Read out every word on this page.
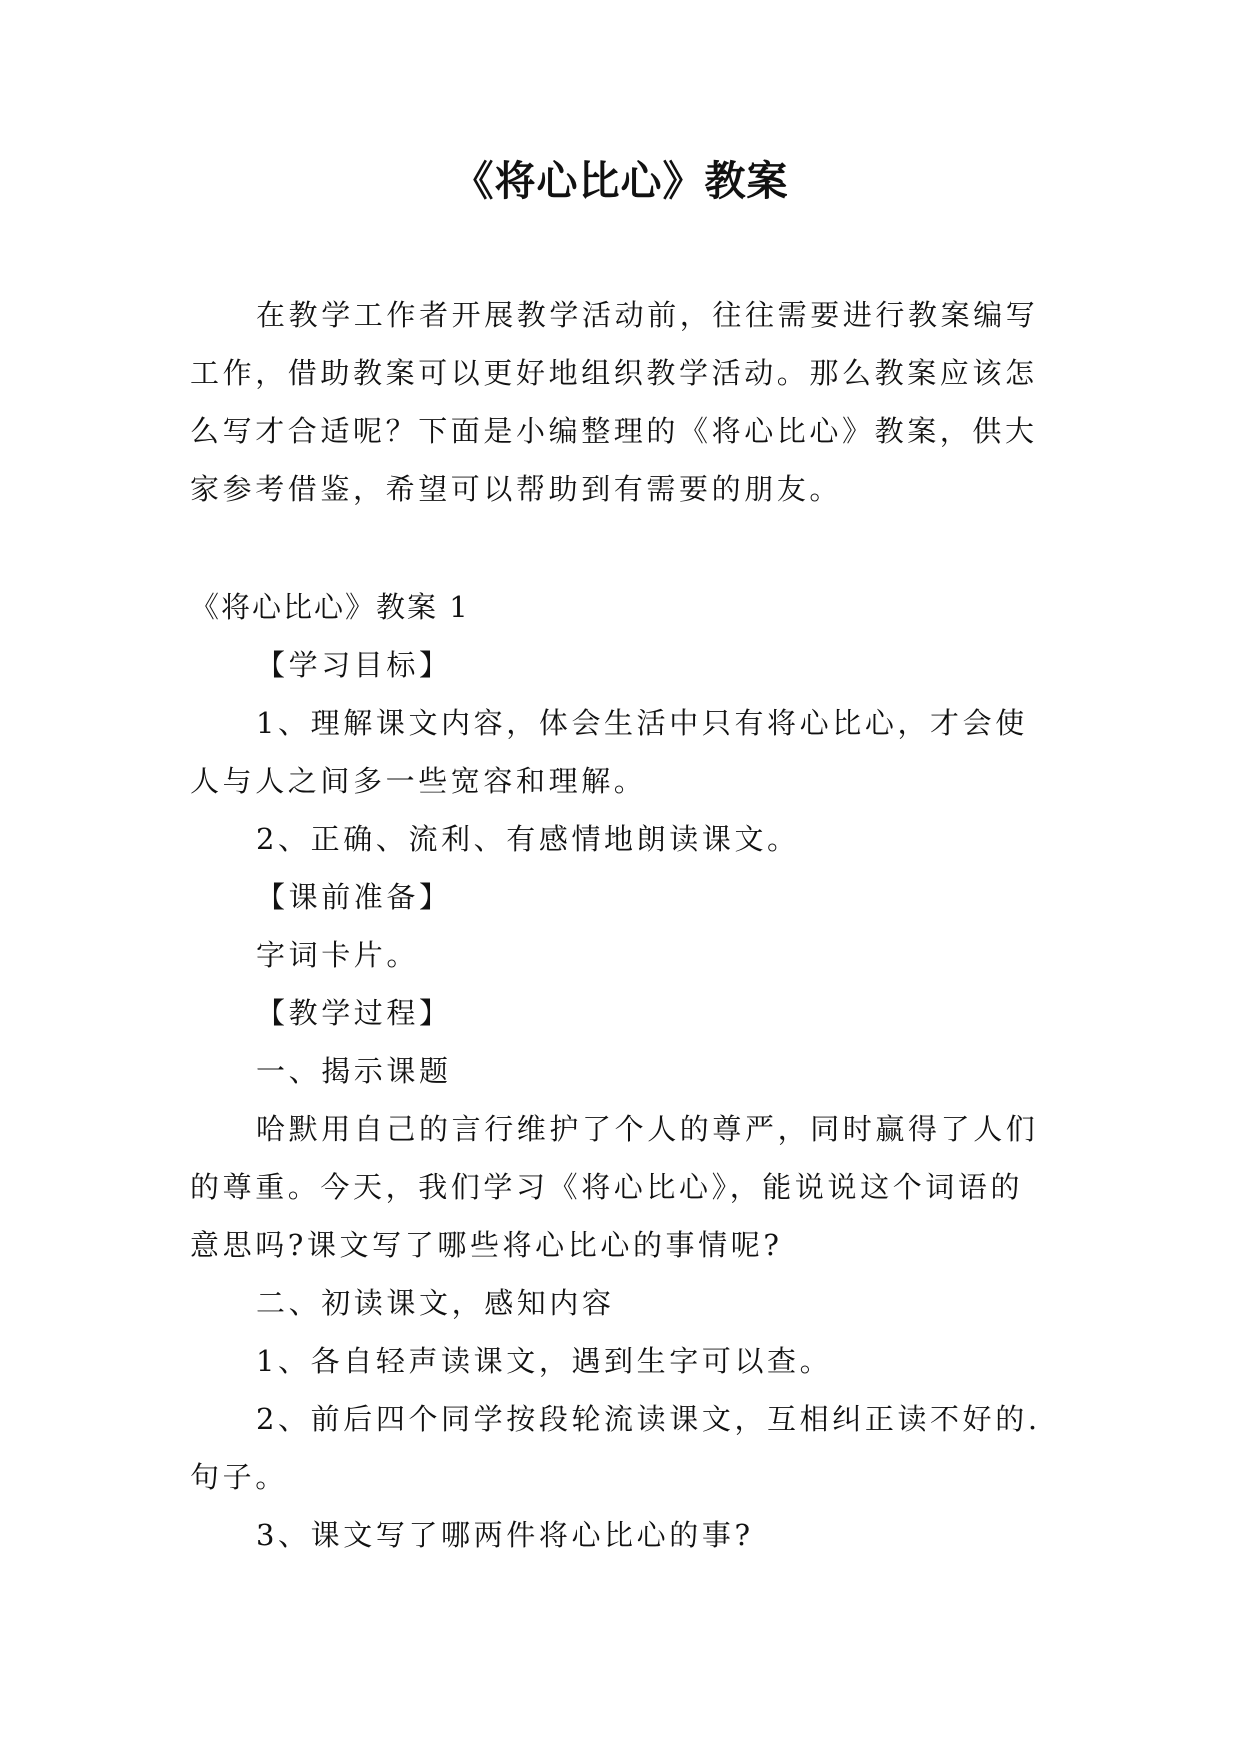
《将心比心》教案

在教学工作者开展教学活动前，往往需要进行教案编写工作，借助教案可以更好地组织教学活动。那么教案应该怎么写才合适呢？下面是小编整理的《将心比心》教案，供大家参考借鉴，希望可以帮助到有需要的朋友。

《将心比心》教案 1
【学习目标】

1、理解课文内容，体会生活中只有将心比心，才会使人与人之间多一些宽容和理解。

2、正确、流利、有感情地朗读课文。
【课前准备】
字词卡片。
【教学过程】
一、揭示课题

哈默用自己的言行维护了个人的尊严，同时赢得了人们的尊重。今天，我们学习《将心比心》，能说说这个词语的意思吗?课文写了哪些将心比心的事情呢?

二、初读课文，感知内容
1、各自轻声读课文，遇到生字可以查。

2、前后四个同学按段轮流读课文，互相纠正读不好的.句子。

3、课文写了哪两件将心比心的事?
